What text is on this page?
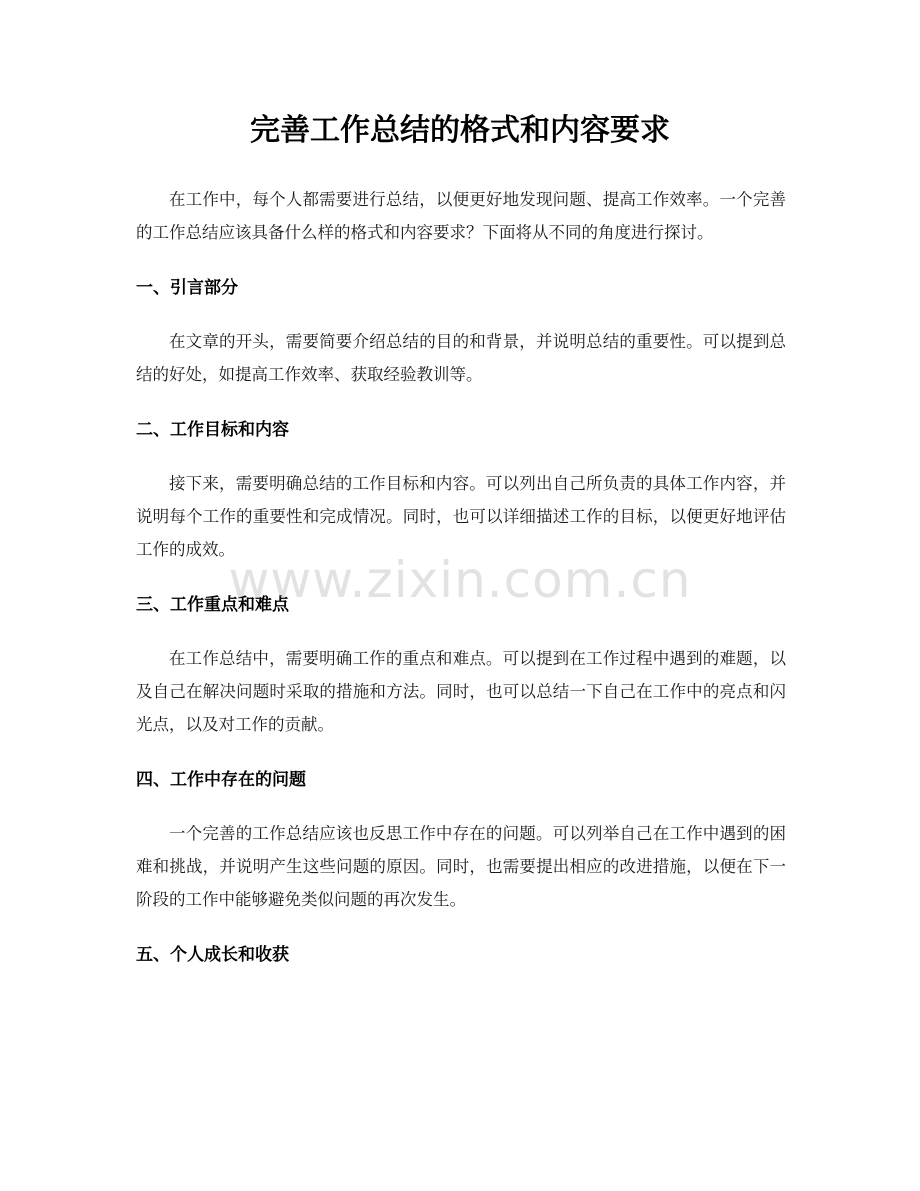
完善工作总结的格式和内容要求

在工作中，每个人都需要进行总结，以便更好地发现问题、提高工作效率。一个完善的工作总结应该具备什么样的格式和内容要求？下面将从不同的角度进行探讨。

一、引言部分

在文章的开头，需要简要介绍总结的目的和背景，并说明总结的重要性。可以提到总结的好处，如提高工作效率、获取经验教训等。

二、工作目标和内容

接下来，需要明确总结的工作目标和内容。可以列出自己所负责的具体工作内容，并说明每个工作的重要性和完成情况。同时，也可以详细描述工作的目标，以便更好地评估工作的成效。

三、工作重点和难点

在工作总结中，需要明确工作的重点和难点。可以提到在工作过程中遇到的难题，以及自己在解决问题时采取的措施和方法。同时，也可以总结一下自己在工作中的亮点和闪光点，以及对工作的贡献。

四、工作中存在的问题

一个完善的工作总结应该也反思工作中存在的问题。可以列举自己在工作中遇到的困难和挑战，并说明产生这些问题的原因。同时，也需要提出相应的改进措施，以便在下一阶段的工作中能够避免类似问题的再次发生。

五、个人成长和收获
www.zixin.com.cn
